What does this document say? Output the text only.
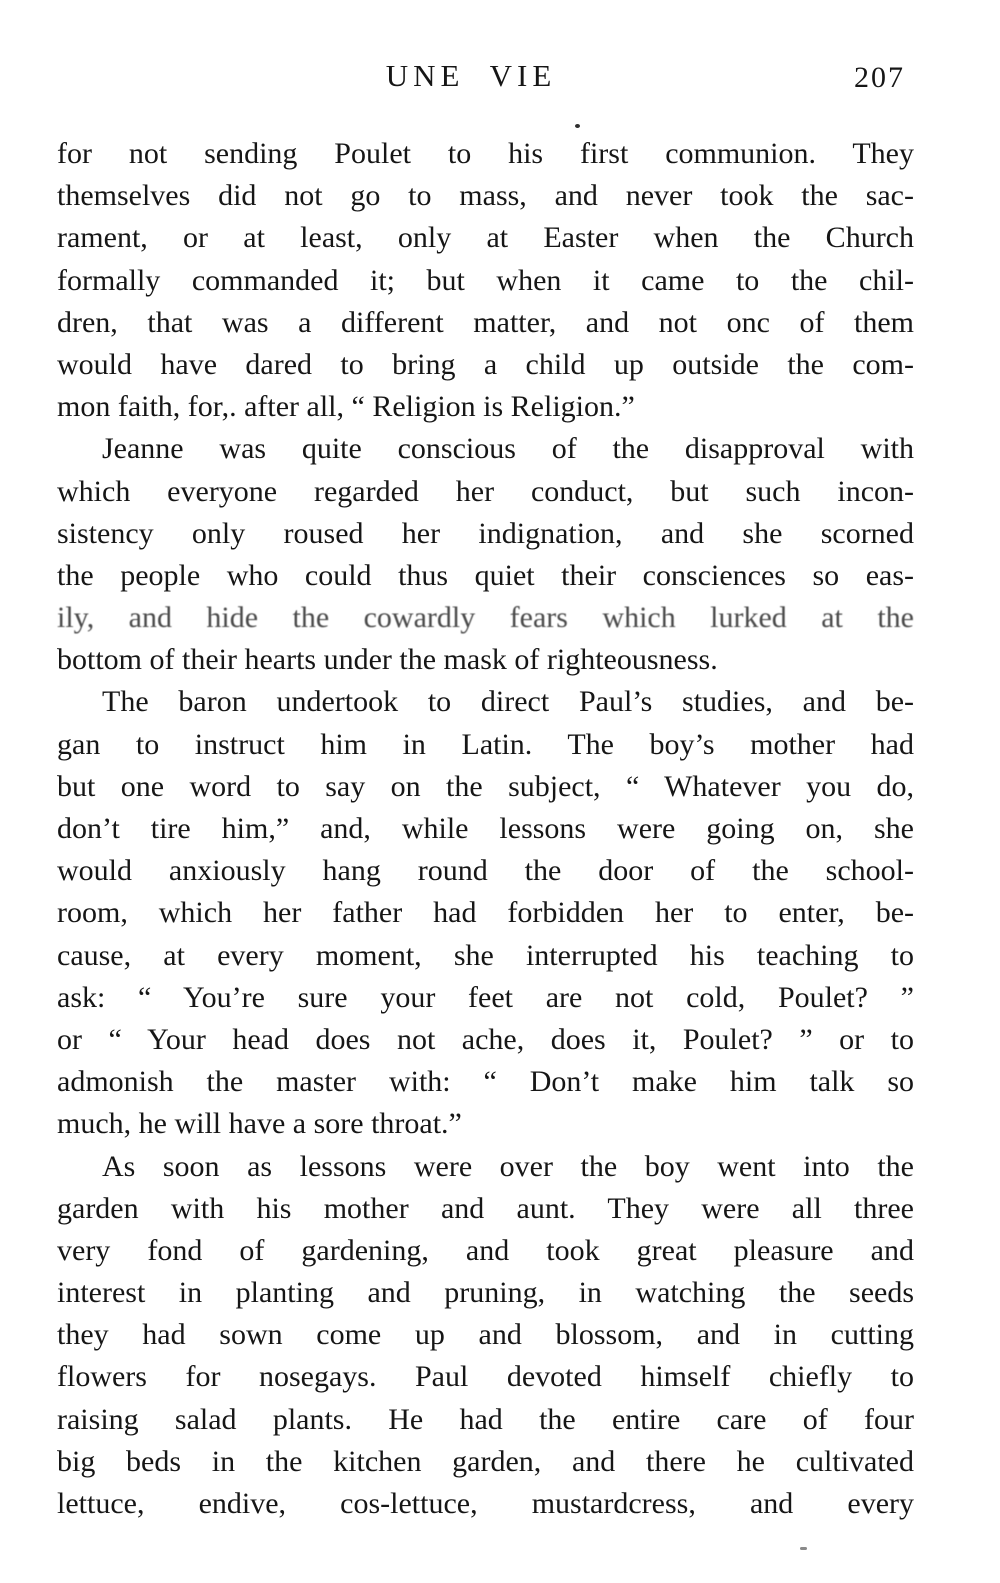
UNE VIE	207
for not sending Poulet to his first communion. They
themselves did not go to mass, and never took the sac-
rament, or at least, only at Easter when the Church
formally commanded it; but when it came to the chil-
dren, that was a different matter, and not onc of them
would have dared to bring a child up outside the com-
mon faith, for,. after all, “ Religion is Religion.”
Jeanne was quite conscious of the disapproval with
which everyone regarded her conduct, but such incon-
sistency only roused her indignation, and she scorned
the people who could thus quiet their consciences so eas-
ily, and hide the cowardly fears which lurked at the
bottom of their hearts under the mask of righteousness.
The baron undertook to direct Paul’s studies, and be-
gan to instruct him in Latin. The boy’s mother had
but one word to say on the subject, “ Whatever you do,
don’t tire him,” and, while lessons were going on, she
would anxiously hang round the door of the school-
room, which her father had forbidden her to enter, be-
cause, at every moment, she interrupted his teaching to
ask: “ You’re sure your feet are not cold, Poulet? ”
or “ Your head does not ache, does it, Poulet? ” or to
admonish the master with: “ Don’t make him talk so
much, he will have a sore throat.”
As soon as lessons were over the boy went into the
garden with his mother and aunt. They were all three
very fond of gardening, and took great pleasure and
interest in planting and pruning, in watching the seeds
they had sown come up and blossom, and in cutting
flowers for nosegays. Paul devoted himself chiefly to
raising salad plants. He had the entire care of four
big beds in the kitchen garden, and there he cultivated
lettuce, endive, cos-lettuce, mustardcress, and every
